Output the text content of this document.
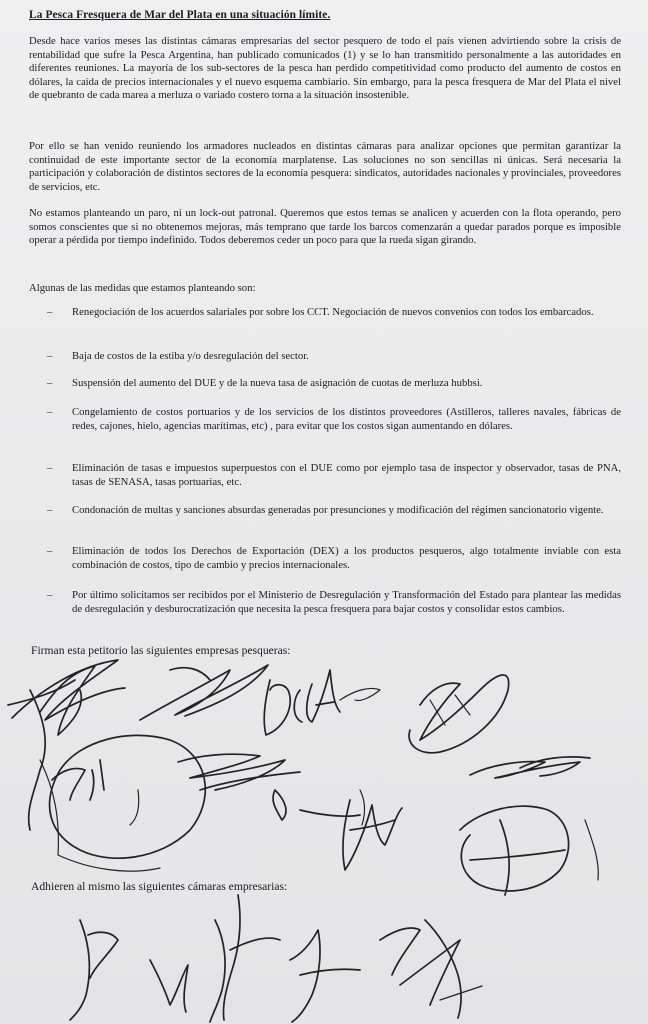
La Pesca Fresquera de Mar del Plata en una situación límite.

Desde hace varios meses las distintas cámaras empresarias del sector pesquero de todo el país vienen advirtiendo sobre la crisis de rentabilidad que sufre la Pesca Argentina, han publicado comunicados (1) y se lo han transmitido personalmente a las autoridades en diferentes reuniones. La mayoría de los sub-sectores de la pesca han perdido competitividad como producto del aumento de costos en dólares, la caída de precios internacionales y el nuevo esquema cambiario. Sin embargo, para la pesca fresquera de Mar del Plata el nivel de quebranto de cada marea a merluza o variado costero torna a la situación insostenible.

Por ello se han venido reuniendo los armadores nucleados en distintas cámaras para analizar opciones que permitan garantizar la continuidad de este importante sector de la economía marplatense. Las soluciones no son sencillas ni únicas. Será necesaria la participación y colaboración de distintos sectores de la economía pesquera: sindicatos, autoridades nacionales y provinciales, proveedores de servicios, etc.

No estamos planteando un paro, ni un lock-out patronal. Queremos que estos temas se analicen y acuerden con la flota operando, pero somos conscientes que si no obtenemos mejoras, más temprano que tarde los barcos comenzarán a quedar parados porque es imposible operar a pérdida por tiempo indefinido. Todos deberemos ceder un poco para que la rueda sigan girando.

Algunas de las medidas que estamos planteando son:

– Renegociación de los acuerdos salariales por sobre los CCT. Negociación de nuevos convenios con todos los embarcados.
– Baja de costos de la estiba y/o desregulación del sector.
– Suspensión del aumento del DUE y de la nueva tasa de asignación de cuotas de merluza hubbsi.
– Congelamiento de costos portuarios y de los servicios de los distintos proveedores (Astilleros, talleres navales, fábricas de redes, cajones, hielo, agencias marítimas, etc) , para evitar que los costos sigan aumentando en dólares.
– Eliminación de tasas e impuestos superpuestos con el DUE como por ejemplo tasa de inspector y observador, tasas de PNA, tasas de SENASA, tasas portuarias, etc.
– Condonación de multas y sanciones absurdas generadas por presunciones y modificación del régimen sancionatorio vigente.
– Eliminación de todos los Derechos de Exportación (DEX) a los productos pesqueros, algo totalmente inviable con esta combinación de costos, tipo de cambio y precios internacionales.
– Por último solicitamos ser recibidos por el Ministerio de Desregulación y Transformación del Estado para plantear las medidas de desregulación y desburocratización que necesita la pesca fresquera para bajar costos y consolidar estos cambios.

Firman esta petitorio las siguientes empresas pesqueras:

Adhieren al mismo las siguientes cámaras empresarias:
